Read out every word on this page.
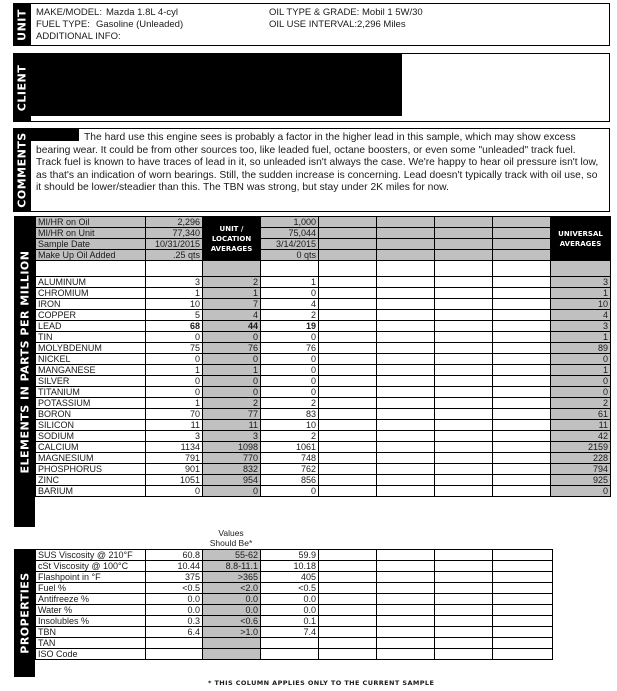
UNIT MAKE/MODEL: Mazda 1.8L 4-cyl
FUEL TYPE: Gasoline (Unleaded)
ADDITIONAL INFO:
OIL TYPE & GRADE: Mobil 1 5W/30
OIL USE INTERVAL: 2,296 Miles
CLIENT
COMMENTS	The hard use this engine sees is probably a factor in the higher lead in this sample, which may show excess bearing wear. It could be from other sources too, like leaded fuel, octane boosters, or even some "unleaded" track fuel. Track fuel is known to have traces of lead in it, so unleaded isn't always the case. We're happy to hear oil pressure isn't low, as that's an indication of worn bearings. Still, the sudden increase is concerning. Lead doesn't typically track with oil use, so it should be lower/steadier than this. The TBN was strong, but stay under 2K miles for now.
ELEMENTS IN PARTS PER MILLION
MI/HR on Oil	2,296	UNIT / LOCATION AVERAGES	1,000					UNIVERSAL AVERAGES
MI/HR on Unit	77,340		75,044					
Sample Date	10/31/2015		3/14/2015					
Make Up Oil Added	.25 qts		0 qts					

ALUMINUM	3	2	1					3
CHROMIUM	1	1	0					1
IRON	10	7	4					10
COPPER	5	4	2					4
LEAD	68	44	19					3
TIN	0	0	0					1
MOLYBDENUM	75	76	76					89
NICKEL	0	0	0					0
MANGANESE	1	1	0					1
SILVER	0	0	0					0
TITANIUM	0	0	0					0
POTASSIUM	1	2	2					2
BORON	70	77	83					61
SILICON	11	11	10					11
SODIUM	3	3	2					42
CALCIUM	1134	1098	1061					2159
MAGNESIUM	791	770	748					228
PHOSPHORUS	901	832	762					794
ZINC	1051	954	856					925
BARIUM	0	0	0					0
Values
Should Be*
PROPERTIES
SUS Viscosity @ 210°F	60.8	55-62	59.9				
cSt Viscosity @ 100°C	10.44	8.8-11.1	10.18				
Flashpoint in °F	375	>365	405				
Fuel %	<0.5	<2.0	<0.5				
Antifreeze %	0.0	0.0	0.0				
Water %	0.0	0.0	0.0				
Insolubles %	0.3	<0.6	0.1				
TBN	6.4	>1.0	7.4				
TAN							
ISO Code							
* THIS COLUMN APPLIES ONLY TO THE CURRENT SAMPLE
